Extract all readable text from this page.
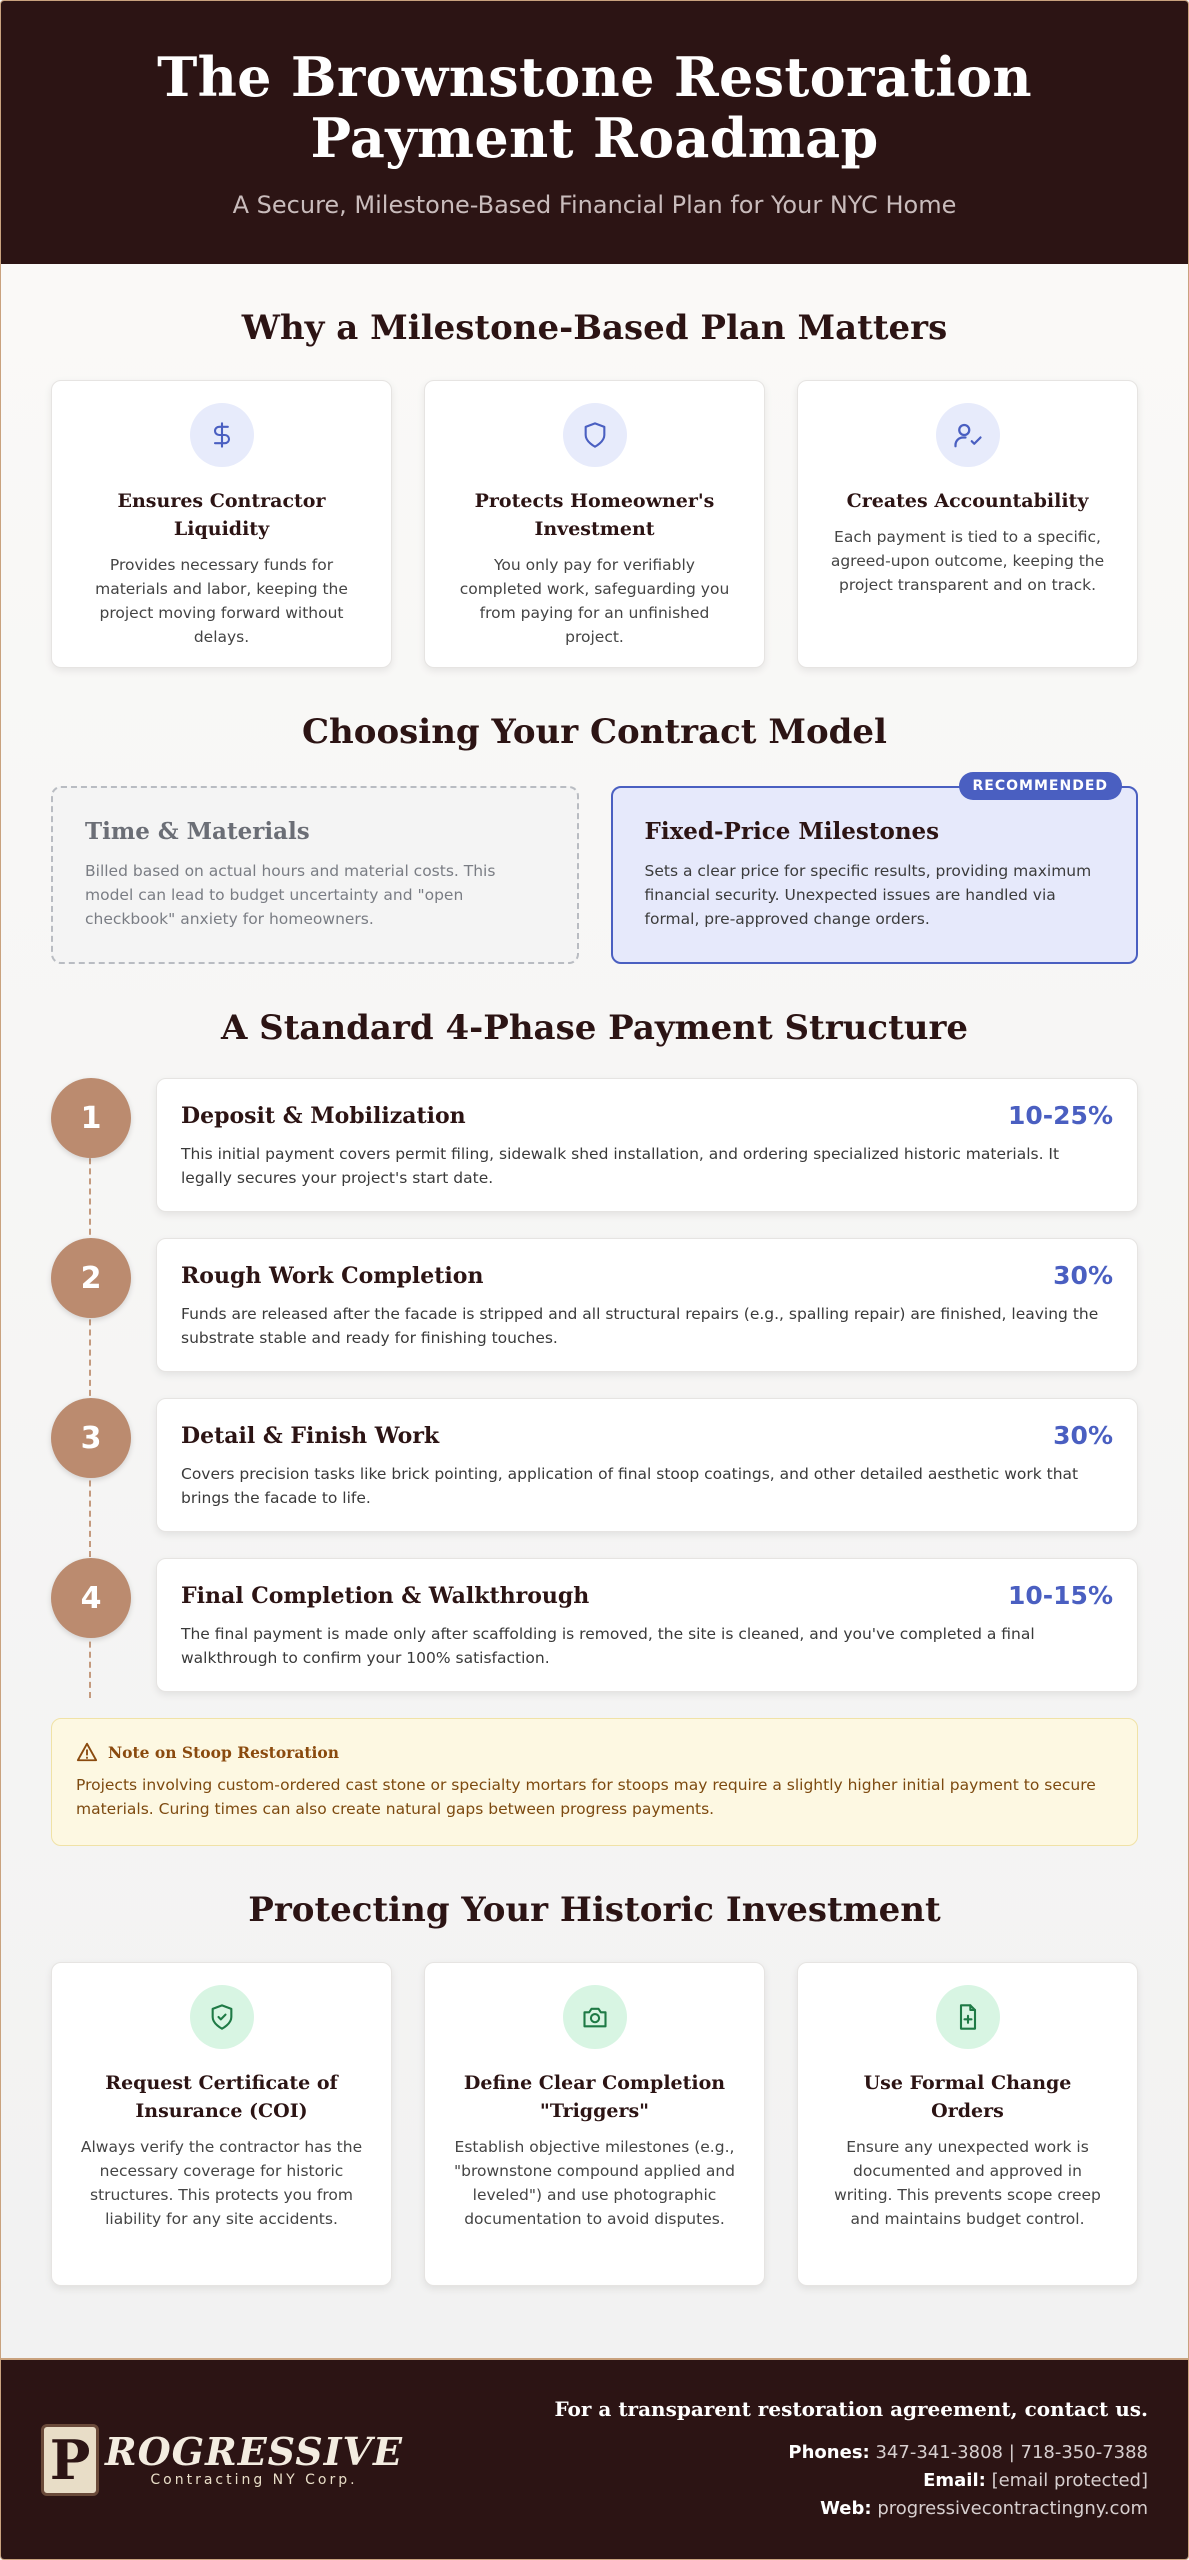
The Brownstone Restoration
Payment Roadmap
A Secure, Milestone-Based Financial Plan for Your NYC Home
Why a Milestone-Based Plan Matters
Ensures Contractor Liquidity

Provides necessary funds for materials and labor, keeping the project moving forward without delays.

Protects Homeowner's Investment

You only pay for verifiably completed work, safeguarding you from paying for an unfinished project.

Creates Accountability

Each payment is tied to a specific, agreed-upon outcome, keeping the project transparent and on track.

Choosing Your Contract Model
Time & Materials

Billed based on actual hours and material costs. This model can lead to budget uncertainty and "open checkbook" anxiety for homeowners.

RECOMMENDED
Fixed-Price Milestones

Sets a clear price for specific results, providing maximum financial security. Unexpected issues are handled via formal, pre-approved change orders.

A Standard 4-Phase Payment Structure
1	Deposit & Mobilization	10-25%

This initial payment covers permit filing, sidewalk shed installation, and ordering specialized historic materials. It legally secures your project's start date.

2	Rough Work Completion	30%

Funds are released after the facade is stripped and all structural repairs (e.g., spalling repair) are finished, leaving the substrate stable and ready for finishing touches.

3	Detail & Finish Work	30%

Covers precision tasks like brick pointing, application of final stoop coatings, and other detailed aesthetic work that brings the facade to life.

4	Final Completion & Walkthrough	10-15%

The final payment is made only after scaffolding is removed, the site is cleaned, and you've completed a final walkthrough to confirm your 100% satisfaction.

Note on Stoop Restoration

Projects involving custom-ordered cast stone or specialty mortars for stoops may require a slightly higher initial payment to secure materials. Curing times can also create natural gaps between progress payments.

Protecting Your Historic Investment
Request Certificate of Insurance (COI)

Always verify the contractor has the necessary coverage for historic structures. This protects you from liability for any site accidents.

Define Clear Completion "Triggers"

Establish objective milestones (e.g., "brownstone compound applied and leveled") and use photographic documentation to avoid disputes.

Use Formal Change Orders

Ensure any unexpected work is documented and approved in writing. This prevents scope creep and maintains budget control.

P ROGRESSIVE
Contracting NY Corp.
For a transparent restoration agreement, contact us.
Phones: 347-341-3808 | 718-350-7388
Email: [email protected]
Web: progressivecontractingny.com
